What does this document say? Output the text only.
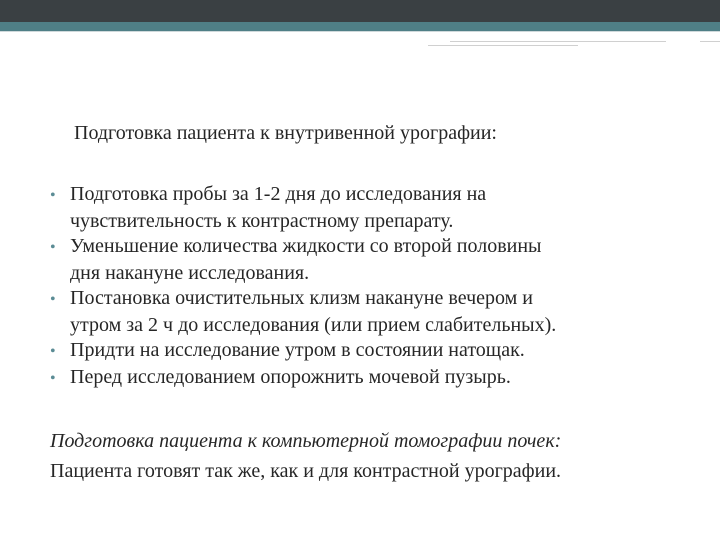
Подготовка пациента к внутривенной урографии:
• Подготовка пробы за 1-2 дня до исследования на
чувствительность к контрастному препарату.
• Уменьшение количества жидкости со второй половины
дня накануне исследования.
• Постановка очистительных клизм накануне вечером и
утром за 2 ч до исследования (или прием слабительных).
• Придти на исследование утром в состоянии натощак.
• Перед исследованием опорожнить мочевой пузырь.
Подготовка пациента к компьютерной томографии почек:
Пациента готовят так же, как и для контрастной урографии.
